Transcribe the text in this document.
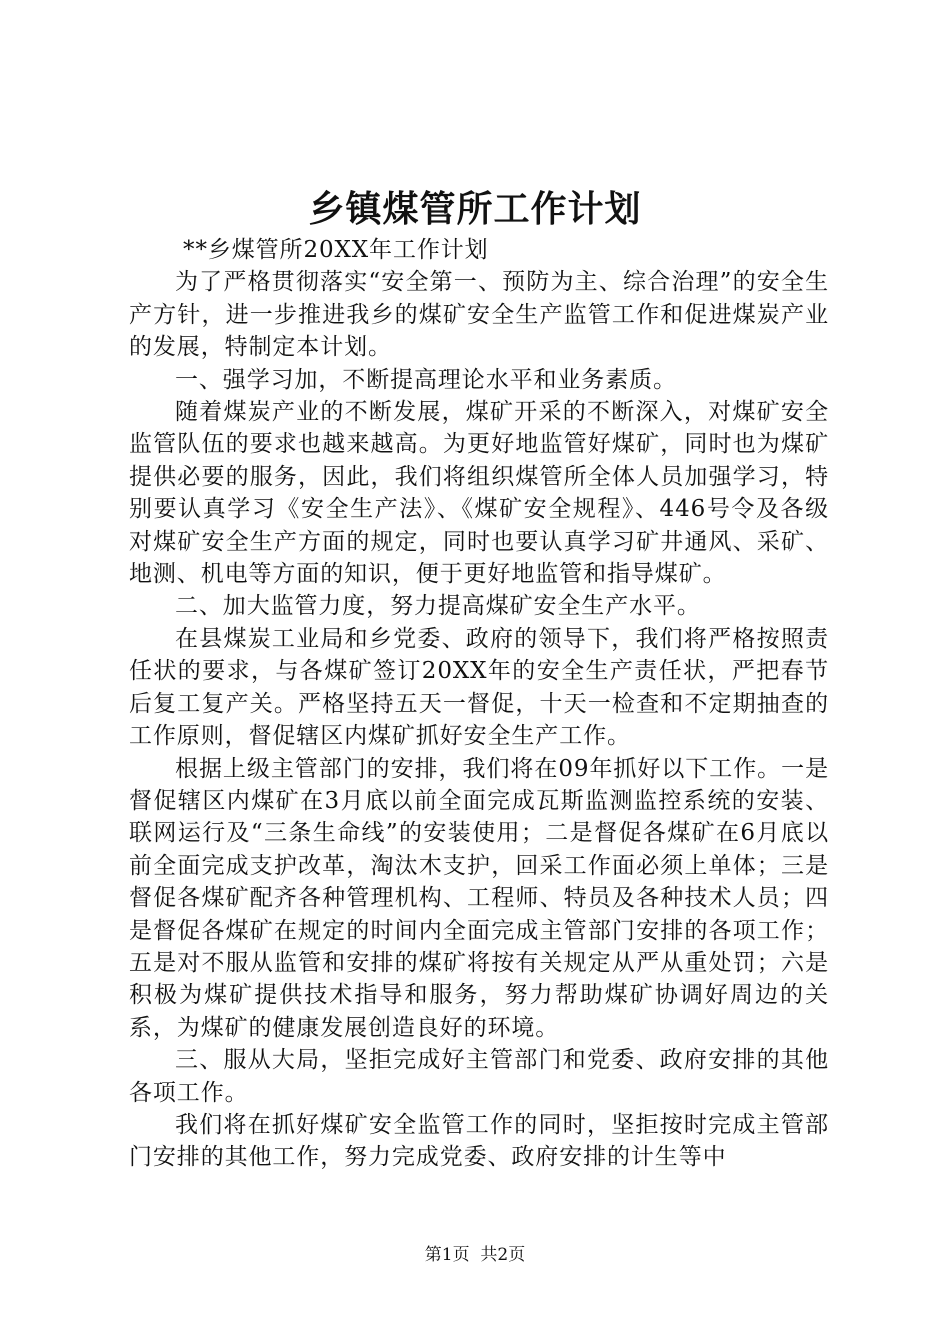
乡镇煤管所工作计划

**乡煤管所20XX年工作计划

为了严格贯彻落实“安全第一、预防为主、综合治理”的安全生产方针，进一步推进我乡的煤矿安全生产监管工作和促进煤炭产业的发展，特制定本计划。

一、强学习加，不断提高理论水平和业务素质。

随着煤炭产业的不断发展，煤矿开采的不断深入，对煤矿安全监管队伍的要求也越来越高。为更好地监管好煤矿，同时也为煤矿提供必要的服务，因此，我们将组织煤管所全体人员加强学习，特别要认真学习《安全生产法》、《煤矿安全规程》、446号令及各级对煤矿安全生产方面的规定，同时也要认真学习矿井通风、采矿、地测、机电等方面的知识，便于更好地监管和指导煤矿。

二、加大监管力度，努力提高煤矿安全生产水平。

在县煤炭工业局和乡党委、政府的领导下，我们将严格按照责任状的要求，与各煤矿签订20XX年的安全生产责任状，严把春节后复工复产关。严格坚持五天一督促，十天一检查和不定期抽查的工作原则，督促辖区内煤矿抓好安全生产工作。

根据上级主管部门的安排，我们将在09年抓好以下工作。一是督促辖区内煤矿在3月底以前全面完成瓦斯监测监控系统的安装、联网运行及“三条生命线”的安装使用；二是督促各煤矿在6月底以前全面完成支护改革，淘汰木支护，回采工作面必须上单体；三是督促各煤矿配齐各种管理机构、工程师、特员及各种技术人员；四是督促各煤矿在规定的时间内全面完成主管部门安排的各项工作；五是对不服从监管和安排的煤矿将按有关规定从严从重处罚；六是积极为煤矿提供技术指导和服务，努力帮助煤矿协调好周边的关系，为煤矿的健康发展创造良好的环境。

三、服从大局，坚拒完成好主管部门和党委、政府安排的其他各项工作。

我们将在抓好煤矿安全监管工作的同时，坚拒按时完成主管部门安排的其他工作，努力完成党委、政府安排的计生等中

第1页 共2页
